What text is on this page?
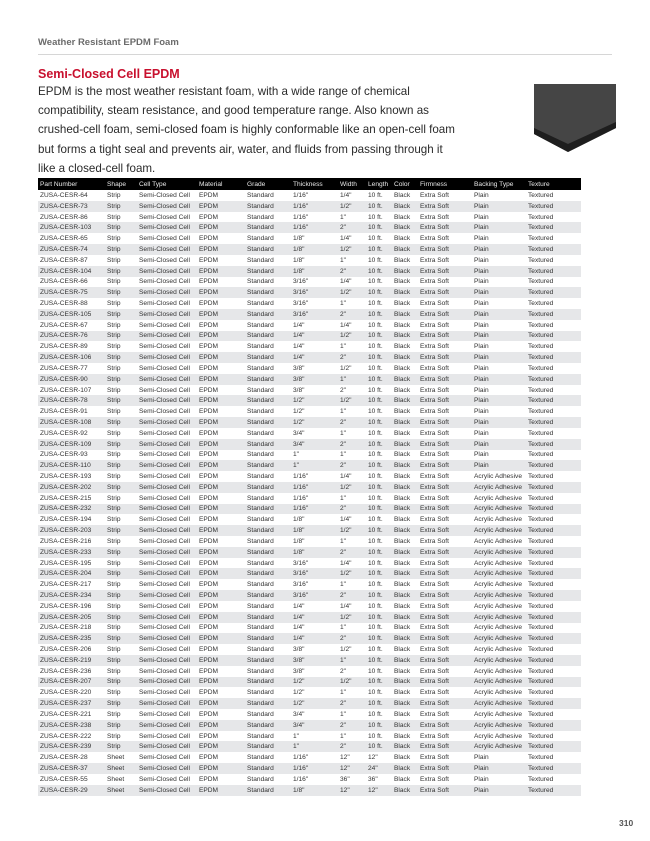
Weather Resistant EPDM Foam
Semi-Closed Cell EPDM
EPDM is the most weather resistant foam, with a wide range of chemical compatibility, steam resistance, and good temperature range. Also known as crushed-cell foam, semi-closed foam is highly conformable like an open-cell foam but forms a tight seal and prevents air, water, and fluids from passing through it like a closed-cell foam.
Part Number	Shape	Cell Type	Material	Grade	Thickness	Width	Length	Color	Firmness	Backing Type	Texture
ZUSA-CESR-64	Strip	Semi-Closed Cell	EPDM	Standard	1/16"	1/4"	10 ft.	Black	Extra Soft	Plain	Textured
ZUSA-CESR-73	Strip	Semi-Closed Cell	EPDM	Standard	1/16"	1/2"	10 ft.	Black	Extra Soft	Plain	Textured
ZUSA-CESR-86	Strip	Semi-Closed Cell	EPDM	Standard	1/16"	1"	10 ft.	Black	Extra Soft	Plain	Textured
ZUSA-CESR-103	Strip	Semi-Closed Cell	EPDM	Standard	1/16"	2"	10 ft.	Black	Extra Soft	Plain	Textured
ZUSA-CESR-65	Strip	Semi-Closed Cell	EPDM	Standard	1/8"	1/4"	10 ft.	Black	Extra Soft	Plain	Textured
ZUSA-CESR-74	Strip	Semi-Closed Cell	EPDM	Standard	1/8"	1/2"	10 ft.	Black	Extra Soft	Plain	Textured
ZUSA-CESR-87	Strip	Semi-Closed Cell	EPDM	Standard	1/8"	1"	10 ft.	Black	Extra Soft	Plain	Textured
ZUSA-CESR-104	Strip	Semi-Closed Cell	EPDM	Standard	1/8"	2"	10 ft.	Black	Extra Soft	Plain	Textured
ZUSA-CESR-66	Strip	Semi-Closed Cell	EPDM	Standard	3/16"	1/4"	10 ft.	Black	Extra Soft	Plain	Textured
ZUSA-CESR-75	Strip	Semi-Closed Cell	EPDM	Standard	3/16"	1/2"	10 ft.	Black	Extra Soft	Plain	Textured
ZUSA-CESR-88	Strip	Semi-Closed Cell	EPDM	Standard	3/16"	1"	10 ft.	Black	Extra Soft	Plain	Textured
ZUSA-CESR-105	Strip	Semi-Closed Cell	EPDM	Standard	3/16"	2"	10 ft.	Black	Extra Soft	Plain	Textured
ZUSA-CESR-67	Strip	Semi-Closed Cell	EPDM	Standard	1/4"	1/4"	10 ft.	Black	Extra Soft	Plain	Textured
ZUSA-CESR-76	Strip	Semi-Closed Cell	EPDM	Standard	1/4"	1/2"	10 ft.	Black	Extra Soft	Plain	Textured
ZUSA-CESR-89	Strip	Semi-Closed Cell	EPDM	Standard	1/4"	1"	10 ft.	Black	Extra Soft	Plain	Textured
ZUSA-CESR-106	Strip	Semi-Closed Cell	EPDM	Standard	1/4"	2"	10 ft.	Black	Extra Soft	Plain	Textured
ZUSA-CESR-77	Strip	Semi-Closed Cell	EPDM	Standard	3/8"	1/2"	10 ft.	Black	Extra Soft	Plain	Textured
ZUSA-CESR-90	Strip	Semi-Closed Cell	EPDM	Standard	3/8"	1"	10 ft.	Black	Extra Soft	Plain	Textured
ZUSA-CESR-107	Strip	Semi-Closed Cell	EPDM	Standard	3/8"	2"	10 ft.	Black	Extra Soft	Plain	Textured
ZUSA-CESR-78	Strip	Semi-Closed Cell	EPDM	Standard	1/2"	1/2"	10 ft.	Black	Extra Soft	Plain	Textured
ZUSA-CESR-91	Strip	Semi-Closed Cell	EPDM	Standard	1/2"	1"	10 ft.	Black	Extra Soft	Plain	Textured
ZUSA-CESR-108	Strip	Semi-Closed Cell	EPDM	Standard	1/2"	2"	10 ft.	Black	Extra Soft	Plain	Textured
ZUSA-CESR-92	Strip	Semi-Closed Cell	EPDM	Standard	3/4"	1"	10 ft.	Black	Extra Soft	Plain	Textured
ZUSA-CESR-109	Strip	Semi-Closed Cell	EPDM	Standard	3/4"	2"	10 ft.	Black	Extra Soft	Plain	Textured
ZUSA-CESR-93	Strip	Semi-Closed Cell	EPDM	Standard	1"	1"	10 ft.	Black	Extra Soft	Plain	Textured
ZUSA-CESR-110	Strip	Semi-Closed Cell	EPDM	Standard	1"	2"	10 ft.	Black	Extra Soft	Plain	Textured
ZUSA-CESR-193	Strip	Semi-Closed Cell	EPDM	Standard	1/16"	1/4"	10 ft.	Black	Extra Soft	Acrylic Adhesive	Textured
ZUSA-CESR-202	Strip	Semi-Closed Cell	EPDM	Standard	1/16"	1/2"	10 ft.	Black	Extra Soft	Acrylic Adhesive	Textured
ZUSA-CESR-215	Strip	Semi-Closed Cell	EPDM	Standard	1/16"	1"	10 ft.	Black	Extra Soft	Acrylic Adhesive	Textured
ZUSA-CESR-232	Strip	Semi-Closed Cell	EPDM	Standard	1/16"	2"	10 ft.	Black	Extra Soft	Acrylic Adhesive	Textured
ZUSA-CESR-194	Strip	Semi-Closed Cell	EPDM	Standard	1/8"	1/4"	10 ft.	Black	Extra Soft	Acrylic Adhesive	Textured
ZUSA-CESR-203	Strip	Semi-Closed Cell	EPDM	Standard	1/8"	1/2"	10 ft.	Black	Extra Soft	Acrylic Adhesive	Textured
ZUSA-CESR-216	Strip	Semi-Closed Cell	EPDM	Standard	1/8"	1"	10 ft.	Black	Extra Soft	Acrylic Adhesive	Textured
ZUSA-CESR-233	Strip	Semi-Closed Cell	EPDM	Standard	1/8"	2"	10 ft.	Black	Extra Soft	Acrylic Adhesive	Textured
ZUSA-CESR-195	Strip	Semi-Closed Cell	EPDM	Standard	3/16"	1/4"	10 ft.	Black	Extra Soft	Acrylic Adhesive	Textured
ZUSA-CESR-204	Strip	Semi-Closed Cell	EPDM	Standard	3/16"	1/2"	10 ft.	Black	Extra Soft	Acrylic Adhesive	Textured
ZUSA-CESR-217	Strip	Semi-Closed Cell	EPDM	Standard	3/16"	1"	10 ft.	Black	Extra Soft	Acrylic Adhesive	Textured
ZUSA-CESR-234	Strip	Semi-Closed Cell	EPDM	Standard	3/16"	2"	10 ft.	Black	Extra Soft	Acrylic Adhesive	Textured
ZUSA-CESR-196	Strip	Semi-Closed Cell	EPDM	Standard	1/4"	1/4"	10 ft.	Black	Extra Soft	Acrylic Adhesive	Textured
ZUSA-CESR-205	Strip	Semi-Closed Cell	EPDM	Standard	1/4"	1/2"	10 ft.	Black	Extra Soft	Acrylic Adhesive	Textured
ZUSA-CESR-218	Strip	Semi-Closed Cell	EPDM	Standard	1/4"	1"	10 ft.	Black	Extra Soft	Acrylic Adhesive	Textured
ZUSA-CESR-235	Strip	Semi-Closed Cell	EPDM	Standard	1/4"	2"	10 ft.	Black	Extra Soft	Acrylic Adhesive	Textured
ZUSA-CESR-206	Strip	Semi-Closed Cell	EPDM	Standard	3/8"	1/2"	10 ft.	Black	Extra Soft	Acrylic Adhesive	Textured
ZUSA-CESR-219	Strip	Semi-Closed Cell	EPDM	Standard	3/8"	1"	10 ft.	Black	Extra Soft	Acrylic Adhesive	Textured
ZUSA-CESR-236	Strip	Semi-Closed Cell	EPDM	Standard	3/8"	2"	10 ft.	Black	Extra Soft	Acrylic Adhesive	Textured
ZUSA-CESR-207	Strip	Semi-Closed Cell	EPDM	Standard	1/2"	1/2"	10 ft.	Black	Extra Soft	Acrylic Adhesive	Textured
ZUSA-CESR-220	Strip	Semi-Closed Cell	EPDM	Standard	1/2"	1"	10 ft.	Black	Extra Soft	Acrylic Adhesive	Textured
ZUSA-CESR-237	Strip	Semi-Closed Cell	EPDM	Standard	1/2"	2"	10 ft.	Black	Extra Soft	Acrylic Adhesive	Textured
ZUSA-CESR-221	Strip	Semi-Closed Cell	EPDM	Standard	3/4"	1"	10 ft.	Black	Extra Soft	Acrylic Adhesive	Textured
ZUSA-CESR-238	Strip	Semi-Closed Cell	EPDM	Standard	3/4"	2"	10 ft.	Black	Extra Soft	Acrylic Adhesive	Textured
ZUSA-CESR-222	Strip	Semi-Closed Cell	EPDM	Standard	1"	1"	10 ft.	Black	Extra Soft	Acrylic Adhesive	Textured
ZUSA-CESR-239	Strip	Semi-Closed Cell	EPDM	Standard	1"	2"	10 ft.	Black	Extra Soft	Acrylic Adhesive	Textured
ZUSA-CESR-28	Sheet	Semi-Closed Cell	EPDM	Standard	1/16"	12"	12"	Black	Extra Soft	Plain	Textured
ZUSA-CESR-37	Sheet	Semi-Closed Cell	EPDM	Standard	1/16"	12"	24"	Black	Extra Soft	Plain	Textured
ZUSA-CESR-55	Sheet	Semi-Closed Cell	EPDM	Standard	1/16"	36"	36"	Black	Extra Soft	Plain	Textured
ZUSA-CESR-29	Sheet	Semi-Closed Cell	EPDM	Standard	1/8"	12"	12"	Black	Extra Soft	Plain	Textured
310
